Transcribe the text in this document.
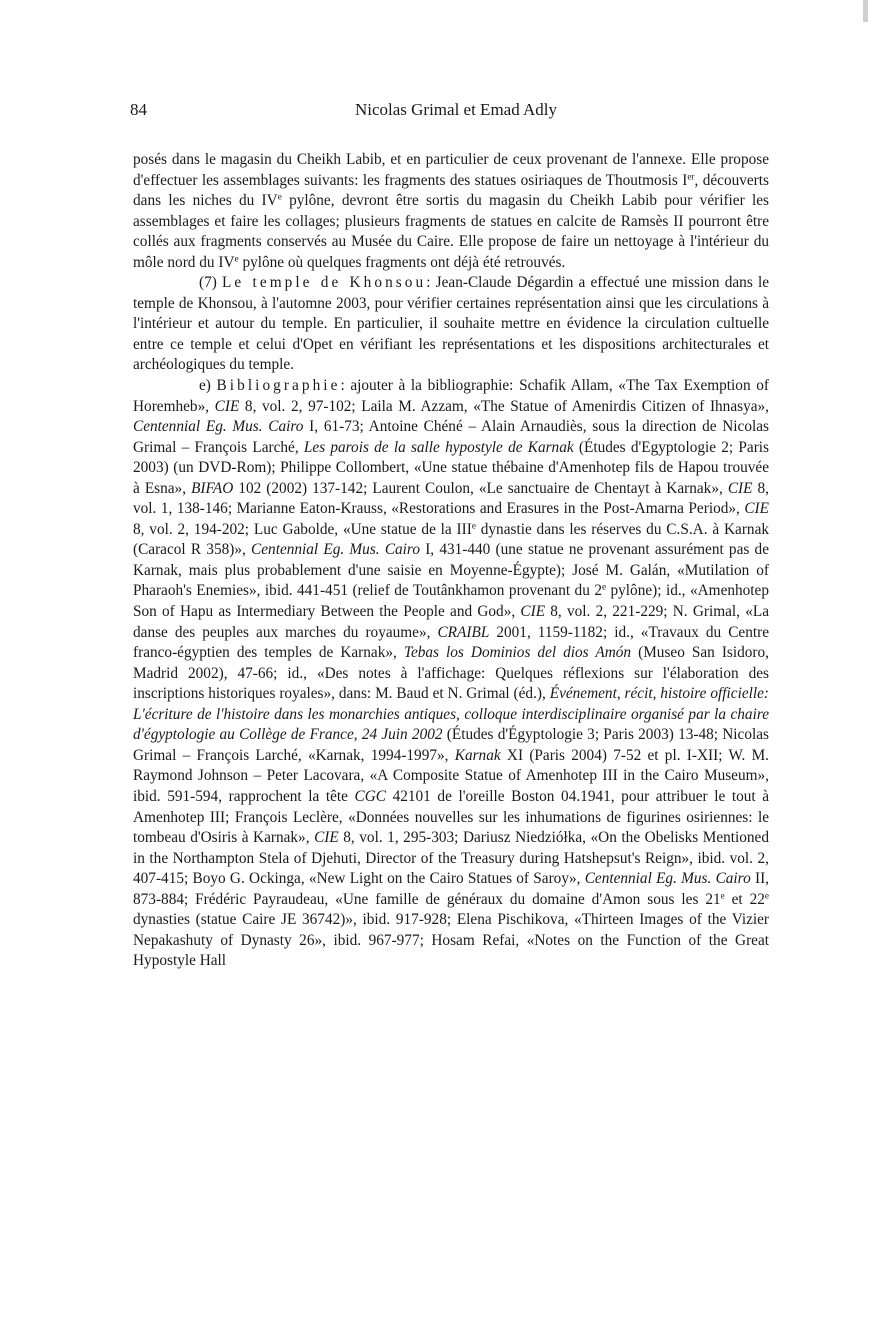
84	Nicolas Grimal et Emad Adly

posés dans le magasin du Cheikh Labib, et en particulier de ceux provenant de l'annexe. Elle propose d'effectuer les assemblages suivants: les fragments des statues osiriaques de Thoutmosis Ier, découverts dans les niches du IVe pylône, devront être sortis du magasin du Cheikh Labib pour vérifier les assemblages et faire les collages; plusieurs fragments de statues en calcite de Ramsès II pourront être collés aux fragments conservés au Musée du Caire. Elle propose de faire un nettoyage à l'intérieur du môle nord du IVe pylône où quelques fragments ont déjà été retrouvés.

(7) Le temple de Khonsou: Jean-Claude Dégardin a effectué une mission dans le temple de Khonsou, à l'automne 2003, pour vérifier certaines représentation ainsi que les circulations à l'intérieur et autour du temple. En particulier, il souhaite mettre en évidence la circulation cultuelle entre ce temple et celui d'Opet en vérifiant les représentations et les dispositions architecturales et archéologiques du temple.

e) Bibliographie: ajouter à la bibliographie: Schafik Allam, «The Tax Exemption of Horemheb», CIE 8, vol. 2, 97-102; Laila M. Azzam, «The Statue of Amenirdis Citizen of Ihnasya», Centennial Eg. Mus. Cairo I, 61-73; Antoine Chéné – Alain Arnaudiès, sous la direction de Nicolas Grimal – François Larché, Les parois de la salle hypostyle de Karnak (Études d'Egyptologie 2; Paris 2003) (un DVD-Rom); Philippe Collombert, «Une statue thébaine d'Amenhotep fils de Hapou trouvée à Esna», BIFAO 102 (2002) 137-142; Laurent Coulon, «Le sanctuaire de Chentayt à Karnak», CIE 8, vol. 1, 138-146; Marianne Eaton-Krauss, «Restorations and Erasures in the Post-Amarna Period», CIE 8, vol. 2, 194-202; Luc Gabolde, «Une statue de la IIIe dynastie dans les réserves du C.S.A. à Karnak (Caracol R 358)», Centennial Eg. Mus. Cairo I, 431-440 (une statue ne provenant assurément pas de Karnak, mais plus probablement d'une saisie en Moyenne-Égypte); José M. Galán, «Mutilation of Pharaoh's Enemies», ibid. 441-451 (relief de Toutânkhamon provenant du 2e pylône); id., «Amenhotep Son of Hapu as Intermediary Between the People and God», CIE 8, vol. 2, 221-229; N. Grimal, «La danse des peuples aux marches du royaume», CRAIBL 2001, 1159-1182; id., «Travaux du Centre franco-égyptien des temples de Karnak», Tebas los Dominios del dios Amón (Museo San Isidoro, Madrid 2002), 47-66; id., «Des notes à l'affichage: Quelques réflexions sur l'élaboration des inscriptions historiques royales», dans: M. Baud et N. Grimal (éd.), Événement, récit, histoire officielle: L'écriture de l'histoire dans les monarchies antiques, colloque interdisciplinaire organisé par la chaire d'égyptologie au Collège de France, 24 Juin 2002 (Études d'Égyptologie 3; Paris 2003) 13-48; Nicolas Grimal – François Larché, «Karnak, 1994-1997», Karnak XI (Paris 2004) 7-52 et pl. I-XII; W. M. Raymond Johnson – Peter Lacovara, «A Composite Statue of Amenhotep III in the Cairo Museum», ibid. 591-594, rapprochent la tête CGC 42101 de l'oreille Boston 04.1941, pour attribuer le tout à Amenhotep III; François Leclère, «Données nouvelles sur les inhumations de figurines osiriennes: le tombeau d'Osiris à Karnak», CIE 8, vol. 1, 295-303; Dariusz Niedziółka, «On the Obelisks Mentioned in the Northampton Stela of Djehuti, Director of the Treasury during Hatshepsut's Reign», ibid. vol. 2, 407-415; Boyo G. Ockinga, «New Light on the Cairo Statues of Saroy», Centennial Eg. Mus. Cairo II, 873-884; Frédéric Payraudeau, «Une famille de généraux du domaine d'Amon sous les 21e et 22e dynasties (statue Caire JE 36742)», ibid. 917-928; Elena Pischikova, «Thirteen Images of the Vizier Nepakashuty of Dynasty 26», ibid. 967-977; Hosam Refai, «Notes on the Function of the Great Hypostyle Hall
